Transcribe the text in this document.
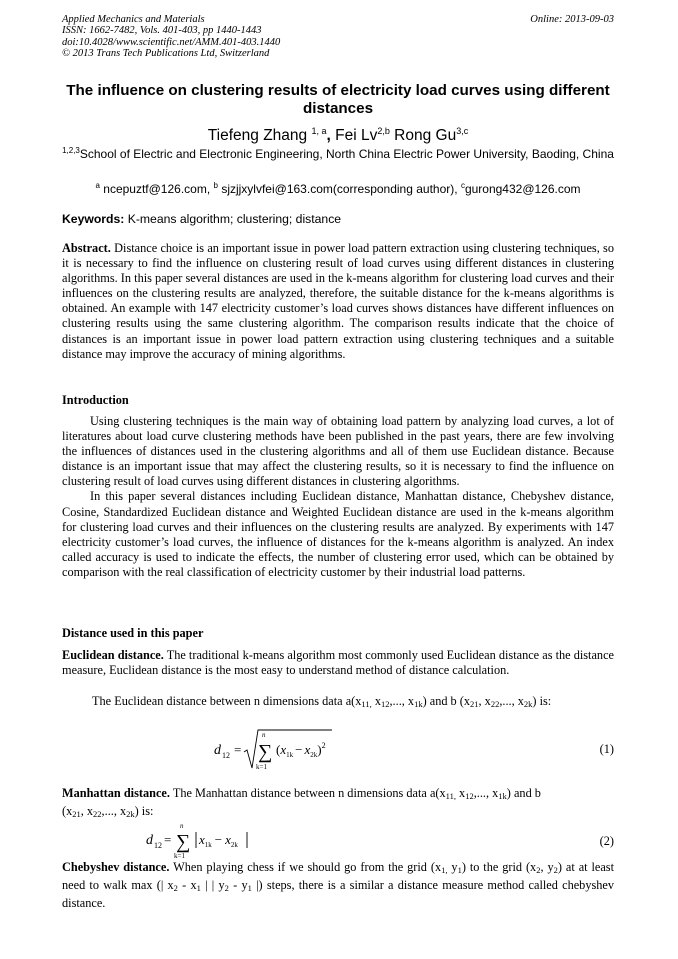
Applied Mechanics and Materials
ISSN: 1662-7482, Vols. 401-403, pp 1440-1443
doi:10.4028/www.scientific.net/AMM.401-403.1440
© 2013 Trans Tech Publications Ltd, Switzerland
Online: 2013-09-03
The influence on clustering results of electricity load curves using different distances
Tiefeng Zhang $^{1, a}$, Fei Lv$^{2,b}$ Rong Gu$^{3,c}$
$^{1,2,3}$School of Electric and Electronic Engineering, North China Electric Power University, Baoding, China
$^a$ ncepuztf@126.com, $^b$ sjzjjxylvfei@163.com(corresponding author), $^c$gurong432@126.com
Keywords: K-means algorithm; clustering; distance

Abstract. Distance choice is an important issue in power load pattern extraction using clustering techniques, so it is necessary to find the influence on clustering result of load curves using different distances in clustering algorithms. In this paper several distances are used in the k-means algorithm for clustering load curves and their influences on the clustering results are analyzed, therefore, the suitable distance for the k-means algorithms is obtained. An example with 147 electricity customer’s load curves shows distances have different influences on clustering results using the same clustering algorithm. The comparison results indicate that the choice of distances is an important issue in power load pattern extraction using clustering techniques and a suitable distance may improve the accuracy of mining algorithms.

Introduction

Using clustering techniques is the main way of obtaining load pattern by analyzing load curves, a lot of literatures about load curve clustering methods have been published in the past years, there are few involving the influences of distances used in the clustering algorithms and all of them use Euclidean distance. Because distance is an important issue that may affect the clustering results, so it is necessary to find the influence on clustering result of load curves using different distances in clustering algorithms.

In this paper several distances including Euclidean distance, Manhattan distance, Chebyshev distance, Cosine, Standardized Euclidean distance and Weighted Euclidean distance are used in the k-means algorithm for clustering load curves and their influences on the clustering results are analyzed. By experiments with 147 electricity customer’s load curves, the influence of distances for the k-means algorithm is analyzed. An index called accuracy is used to indicate the effects, the number of clustering error used, which can be obtained by comparison with the real classification of electricity customer by their industrial load patterns.

Distance used in this paper

Euclidean distance. The traditional k-means algorithm most commonly used Euclidean distance as the distance measure, Euclidean distance is the most easy to understand method of distance calculation.

The Euclidean distance between n dimensions data $a(x_{11,}$ $x_{12}$,..., $x_{1k}$) and b ($x_{21}$, $x_{22}$,..., $x_{2k}$) is:

d 12 =
n
∑
k=1
$(x_{1k} - x_{2k})^2$	(1)

Manhattan distance. The Manhattan distance between n dimensions data $a(x_{11,}$ $x_{12}$,..., $x_{1k}$) and b

($x_{21}$, $x_{22}$,..., $x_{2k}$) is:

d 12 =
n
∑
k=1
$x_{1k} - x_{2k}$	(2)

Chebyshev distance. When playing chess if we should go from the grid ($x_{1,}$ $y_1$) to the grid ($x_2$, $y_2$) at at least need to walk max (| $x_2 - x_1$ | | $y_2 - y_1$ |) steps, there is a similar a distance measure method called chebyshev distance.
